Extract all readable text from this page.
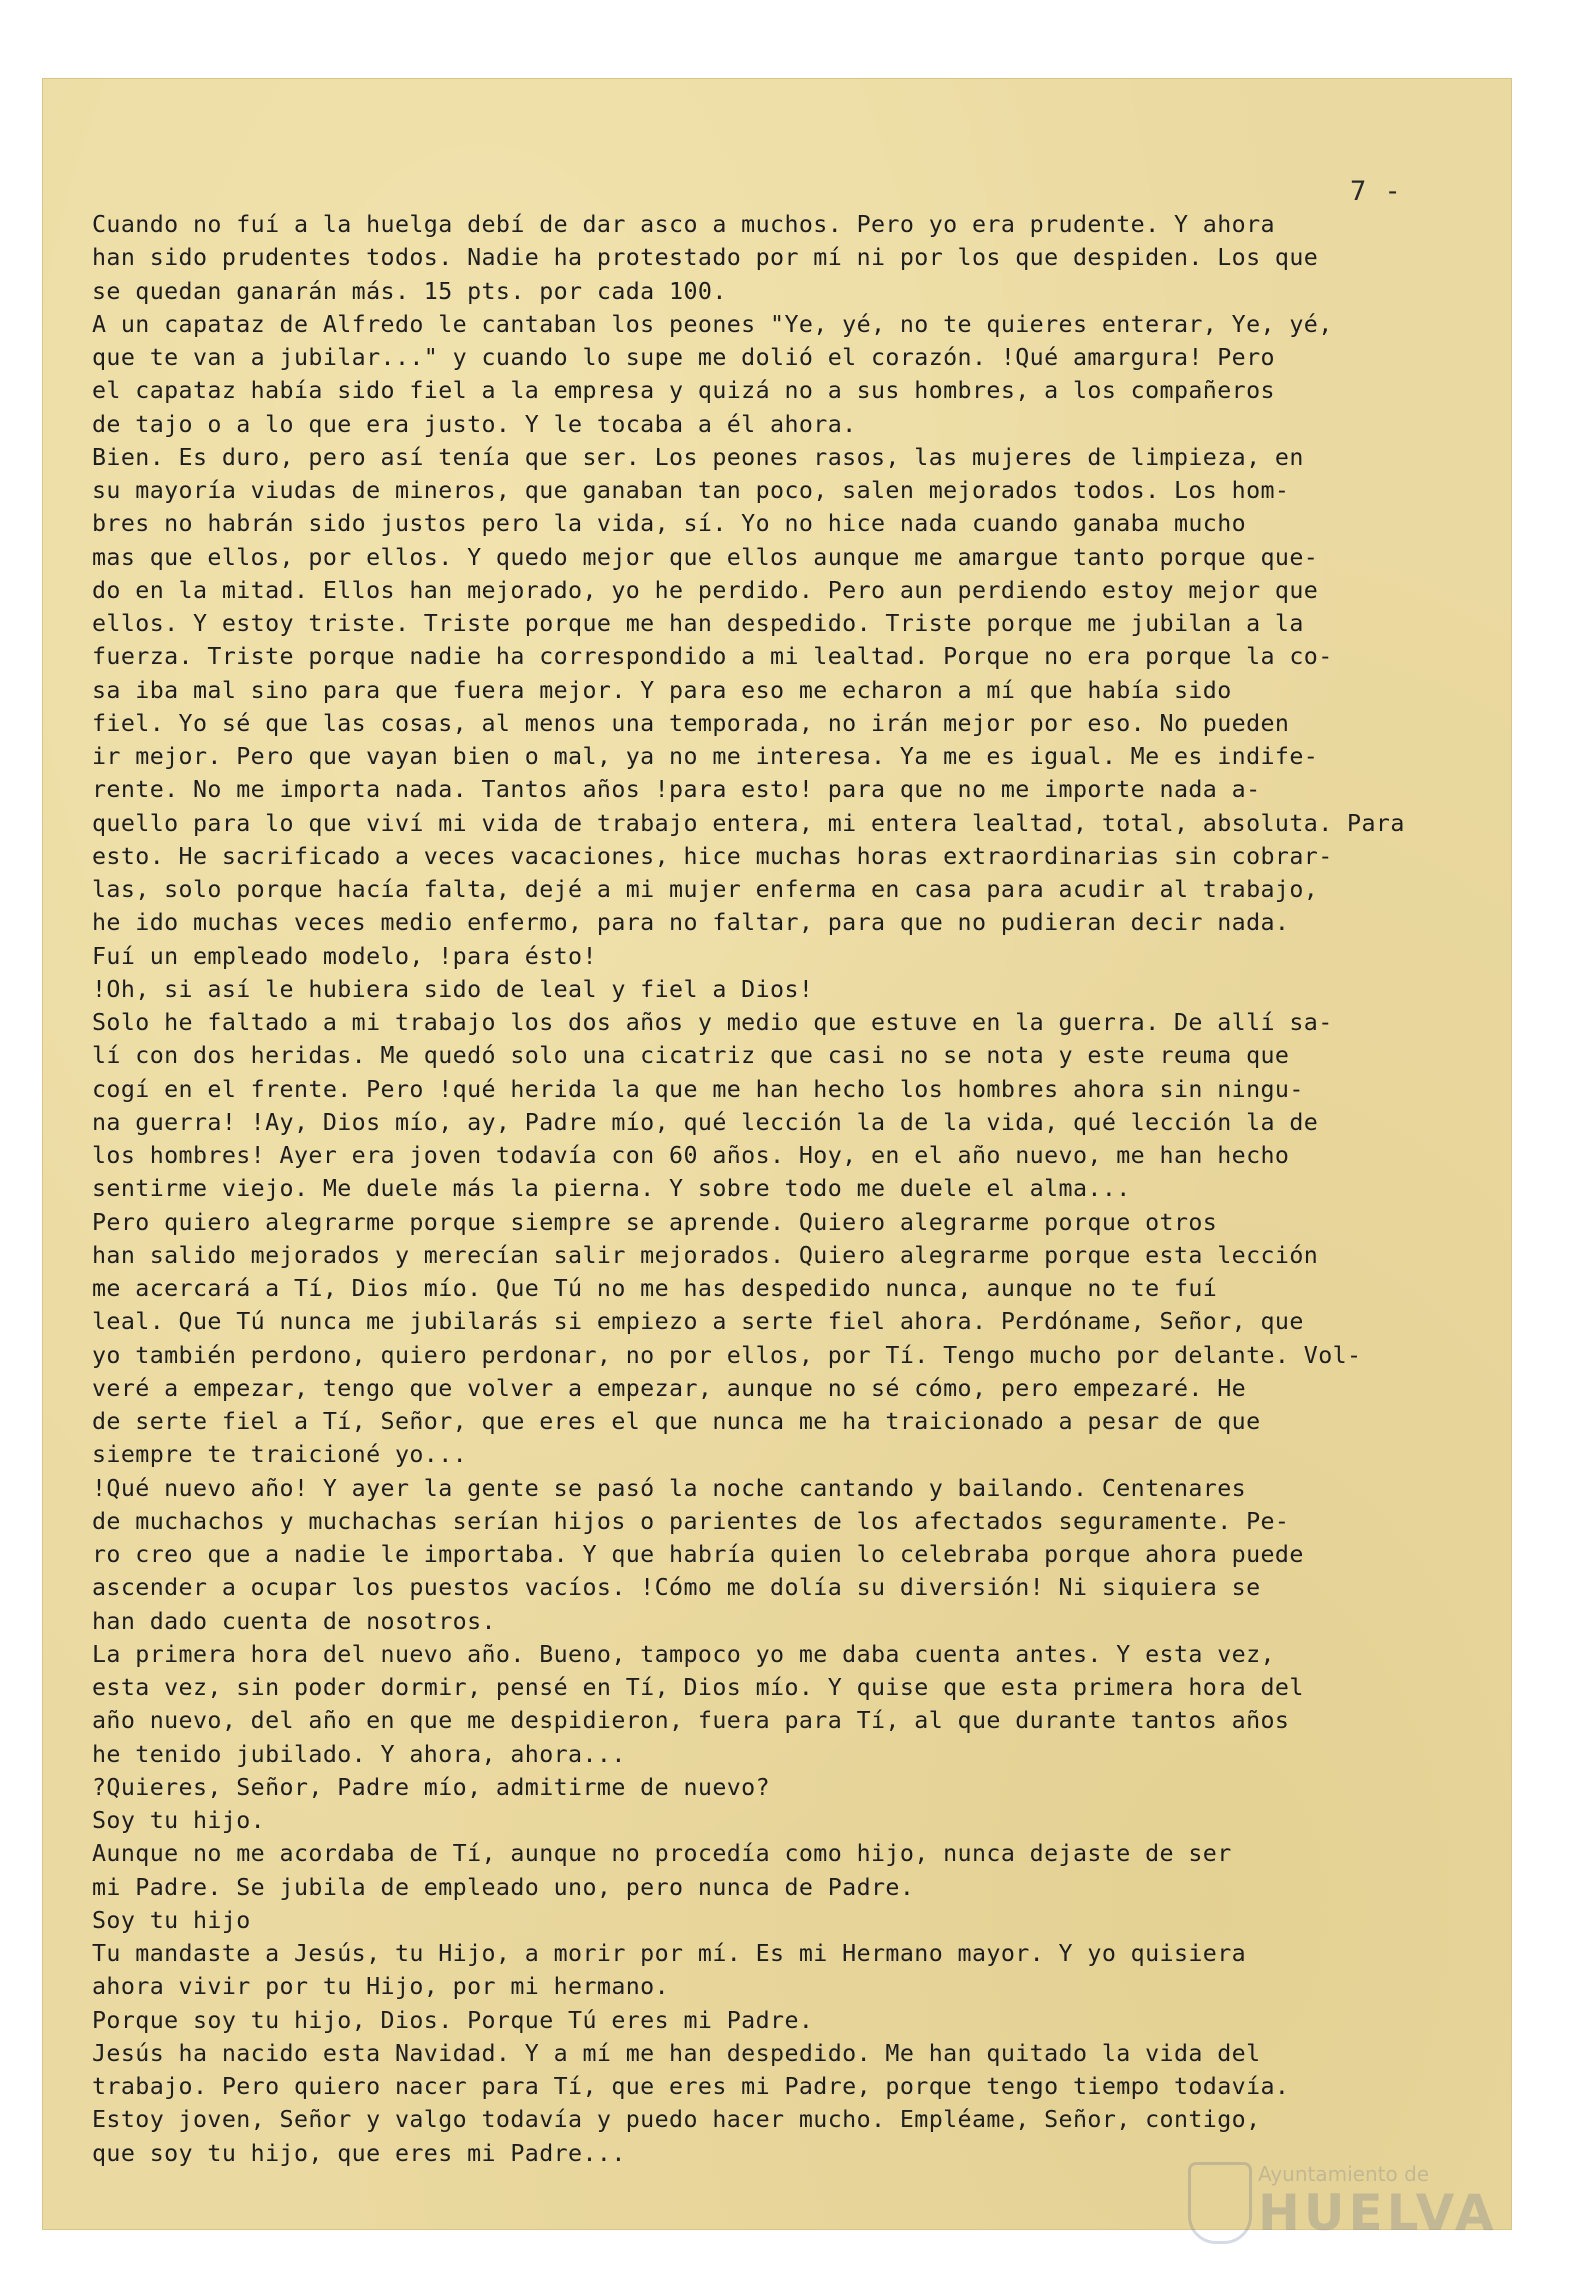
7 -
Cuando no fuí a la huelga debí de dar asco a muchos. Pero yo era prudente. Y ahora
han sido prudentes todos. Nadie ha protestado por mí ni por los que despiden. Los que
se quedan ganarán más. 15 pts. por cada 100.
A un capataz de Alfredo le cantaban los peones "Ye, yé, no te quieres enterar, Ye, yé,
que te van a jubilar..." y cuando lo supe me dolió el corazón. !Qué amargura! Pero
el capataz había sido fiel a la empresa y quizá no a sus hombres, a los compañeros
de tajo o a lo que era justo. Y le tocaba a él ahora.
Bien. Es duro, pero así tenía que ser. Los peones rasos, las mujeres de limpieza, en
su mayoría viudas de mineros, que ganaban tan poco, salen mejorados todos. Los hom-
bres no habrán sido justos pero la vida, sí. Yo no hice nada cuando ganaba mucho
mas que ellos, por ellos. Y quedo mejor que ellos aunque me amargue tanto porque que-
do en la mitad. Ellos han mejorado, yo he perdido. Pero aun perdiendo estoy mejor que
ellos. Y estoy triste. Triste porque me han despedido. Triste porque me jubilan a la
fuerza. Triste porque nadie ha correspondido a mi lealtad. Porque no era porque la co-
sa iba mal sino para que fuera mejor. Y para eso me echaron a mí que había sido
fiel. Yo sé que las cosas, al menos una temporada, no irán mejor por eso. No pueden
ir mejor. Pero que vayan bien o mal, ya no me interesa. Ya me es igual. Me es indife-
rente. No me importa nada. Tantos años !para esto! para que no me importe nada a-
quello para lo que viví mi vida de trabajo entera, mi entera lealtad, total, absoluta. Para
esto. He sacrificado a veces vacaciones, hice muchas horas extraordinarias sin cobrar-
las, solo porque hacía falta, dejé a mi mujer enferma en casa para acudir al trabajo,
he ido muchas veces medio enfermo, para no faltar, para que no pudieran decir nada.
Fuí un empleado modelo, !para ésto!
!Oh, si así le hubiera sido de leal y fiel a Dios!
Solo he faltado a mi trabajo los dos años y medio que estuve en la guerra. De allí sa-
lí con dos heridas. Me quedó solo una cicatriz que casi no se nota y este reuma que
cogí en el frente. Pero !qué herida la que me han hecho los hombres ahora sin ningu-
na guerra! !Ay, Dios mío, ay, Padre mío, qué lección la de la vida, qué lección la de
los hombres! Ayer era joven todavía con 60 años. Hoy, en el año nuevo, me han hecho
sentirme viejo. Me duele más la pierna. Y sobre todo me duele el alma...
Pero quiero alegrarme porque siempre se aprende. Quiero alegrarme porque otros
han salido mejorados y merecían salir mejorados. Quiero alegrarme porque esta lección
me acercará a Tí, Dios mío. Que Tú no me has despedido nunca, aunque no te fuí
leal. Que Tú nunca me jubilarás si empiezo a serte fiel ahora. Perdóname, Señor, que
yo también perdono, quiero perdonar, no por ellos, por Tí. Tengo mucho por delante. Vol-
veré a empezar, tengo que volver a empezar, aunque no sé cómo, pero empezaré. He
de serte fiel a Tí, Señor, que eres el que nunca me ha traicionado a pesar de que
siempre te traicioné yo...
!Qué nuevo año! Y ayer la gente se pasó la noche cantando y bailando. Centenares
de muchachos y muchachas serían hijos o parientes de los afectados seguramente. Pe-
ro creo que a nadie le importaba. Y que habría quien lo celebraba porque ahora puede
ascender a ocupar los puestos vacíos. !Cómo me dolía su diversión! Ni siquiera se
han dado cuenta de nosotros.
La primera hora del nuevo año. Bueno, tampoco yo me daba cuenta antes. Y esta vez,
esta vez, sin poder dormir, pensé en Tí, Dios mío. Y quise que esta primera hora del
año nuevo, del año en que me despidieron, fuera para Tí, al que durante tantos años
he tenido jubilado. Y ahora, ahora...
?Quieres, Señor, Padre mío, admitirme de nuevo?
Soy tu hijo.
Aunque no me acordaba de Tí, aunque no procedía como hijo, nunca dejaste de ser
mi Padre. Se jubila de empleado uno, pero nunca de Padre.
Soy tu hijo
Tu mandaste a Jesús, tu Hijo, a morir por mí. Es mi Hermano mayor. Y yo quisiera
ahora vivir por tu Hijo, por mi hermano.
Porque soy tu hijo, Dios. Porque Tú eres mi Padre.
Jesús ha nacido esta Navidad. Y a mí me han despedido. Me han quitado la vida del
trabajo. Pero quiero nacer para Tí, que eres mi Padre, porque tengo tiempo todavía.
Estoy joven, Señor y valgo todavía y puedo hacer mucho. Empléame, Señor, contigo,
que soy tu hijo, que eres mi Padre...
Ayuntamiento de
HUELVA
